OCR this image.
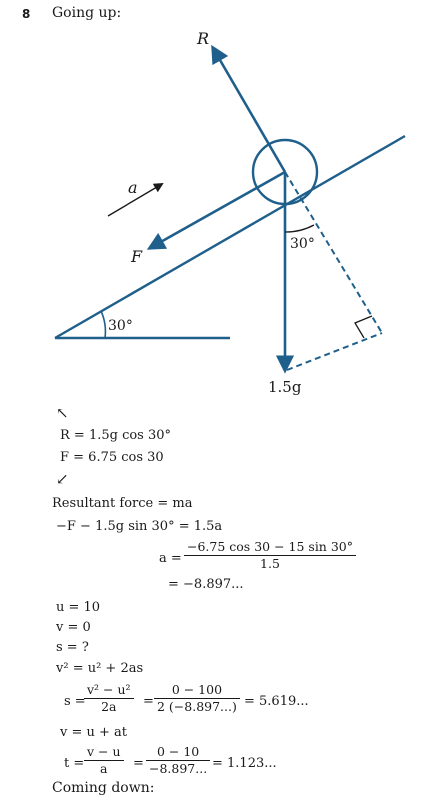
8 Going up:
R
a
F
30°
30°
1.5g
↖
R = 1.5g cos 30°
F = 6.75 cos 30
↙
Resultant force = ma
−F − 1.5g sin 30° = 1.5a
$a = \frac{-6.75 \cos 30 - 15 \sin 30^\circ}{1.5}$
= −8.897...
u = 10
v = 0
s = ?
v² = u² + 2as
s =
$\frac{\text{v² − u²}}{2a} = \frac{0 - 100}{2 (-8.897...)} = 5.619$...
v = u + at
$t = \frac{v - u}{a} = \frac{0 - 10}{-8.897...} = 1.123$...
Coming down:
